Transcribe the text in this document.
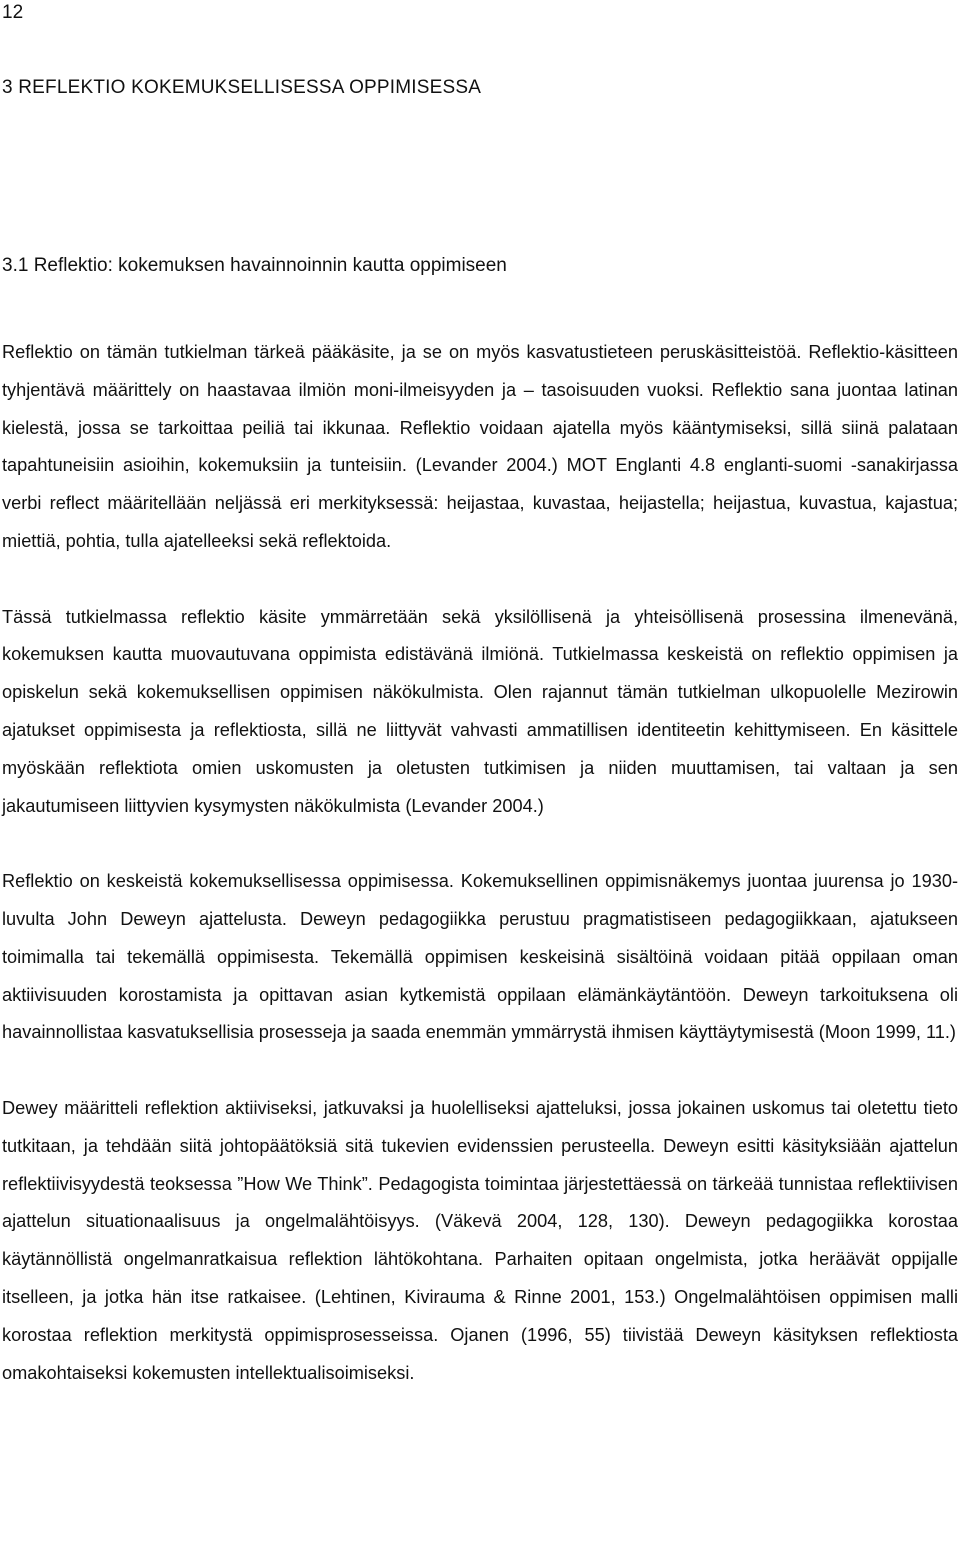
12
3 REFLEKTIO KOKEMUKSELLISESSA OPPIMISESSA
3.1 Reflektio: kokemuksen havainnoinnin kautta oppimiseen

Reflektio on tämän tutkielman tärkeä pääkäsite, ja se on myös kasvatustieteen peruskäsitteistöä. Reflektio-käsitteen tyhjentävä määrittely on haastavaa ilmiön moni-ilmeisyyden ja – tasoisuuden vuoksi. Reflektio sana juontaa latinan kielestä, jossa se tarkoittaa peiliä tai ikkunaa. Reflektio voidaan ajatella myös kääntymiseksi, sillä siinä palataan tapahtuneisiin asioihin, kokemuksiin ja tunteisiin. (Levander 2004.) MOT Englanti 4.8 englanti-suomi -sanakirjassa verbi reflect määritellään neljässä eri merkityksessä: heijastaa, kuvastaa, heijastella; heijastua, kuvastua, kajastua; miettiä, pohtia, tulla ajatelleeksi sekä reflektoida.

Tässä tutkielmassa reflektio käsite ymmärretään sekä yksilöllisenä ja yhteisöllisenä prosessina ilmenevänä, kokemuksen kautta muovautuvana oppimista edistävänä ilmiönä. Tutkielmassa keskeistä on reflektio oppimisen ja opiskelun sekä kokemuksellisen oppimisen näkökulmista. Olen rajannut tämän tutkielman ulkopuolelle Mezirowin ajatukset oppimisesta ja reflektiosta, sillä ne liittyvät vahvasti ammatillisen identiteetin kehittymiseen. En käsittele myöskään reflektiota omien uskomusten ja oletusten tutkimisen ja niiden muuttamisen, tai valtaan ja sen jakautumiseen liittyvien kysymysten näkökulmista (Levander 2004.)

Reflektio on keskeistä kokemuksellisessa oppimisessa. Kokemuksellinen oppimisnäkemys juontaa juurensa jo 1930-luvulta John Deweyn ajattelusta. Deweyn pedagogiikka perustuu pragmatistiseen pedagogiikkaan, ajatukseen toimimalla tai tekemällä oppimisesta. Tekemällä oppimisen keskeisinä sisältöinä voidaan pitää oppilaan oman aktiivisuuden korostamista ja opittavan asian kytkemistä oppilaan elämänkäytäntöön. Deweyn tarkoituksena oli havainnollistaa kasvatuksellisia prosesseja ja saada enemmän ymmärrystä ihmisen käyttäytymisestä (Moon 1999, 11.)

Dewey määritteli reflektion aktiiviseksi, jatkuvaksi ja huolelliseksi ajatteluksi, jossa jokainen uskomus tai oletettu tieto tutkitaan, ja tehdään siitä johtopäätöksiä sitä tukevien evidenssien perusteella. Deweyn esitti käsityksiään ajattelun reflektiivisyydestä teoksessa ”How We Think”. Pedagogista toimintaa järjestettäessä on tärkeää tunnistaa reflektiivisen ajattelun situationaalisuus ja ongelmalähtöisyys. (Väkevä 2004, 128, 130). Deweyn pedagogiikka korostaa käytännöllistä ongelmanratkaisua reflektion lähtökohtana. Parhaiten opitaan ongelmista, jotka heräävät oppijalle itselleen, ja jotka hän itse ratkaisee. (Lehtinen, Kivirauma & Rinne 2001, 153.) Ongelmalähtöisen oppimisen malli korostaa reflektion merkitystä oppimisprosesseissa. Ojanen (1996, 55) tiivistää Deweyn käsityksen reflektiosta omakohtaiseksi kokemusten intellektualisoimiseksi.
